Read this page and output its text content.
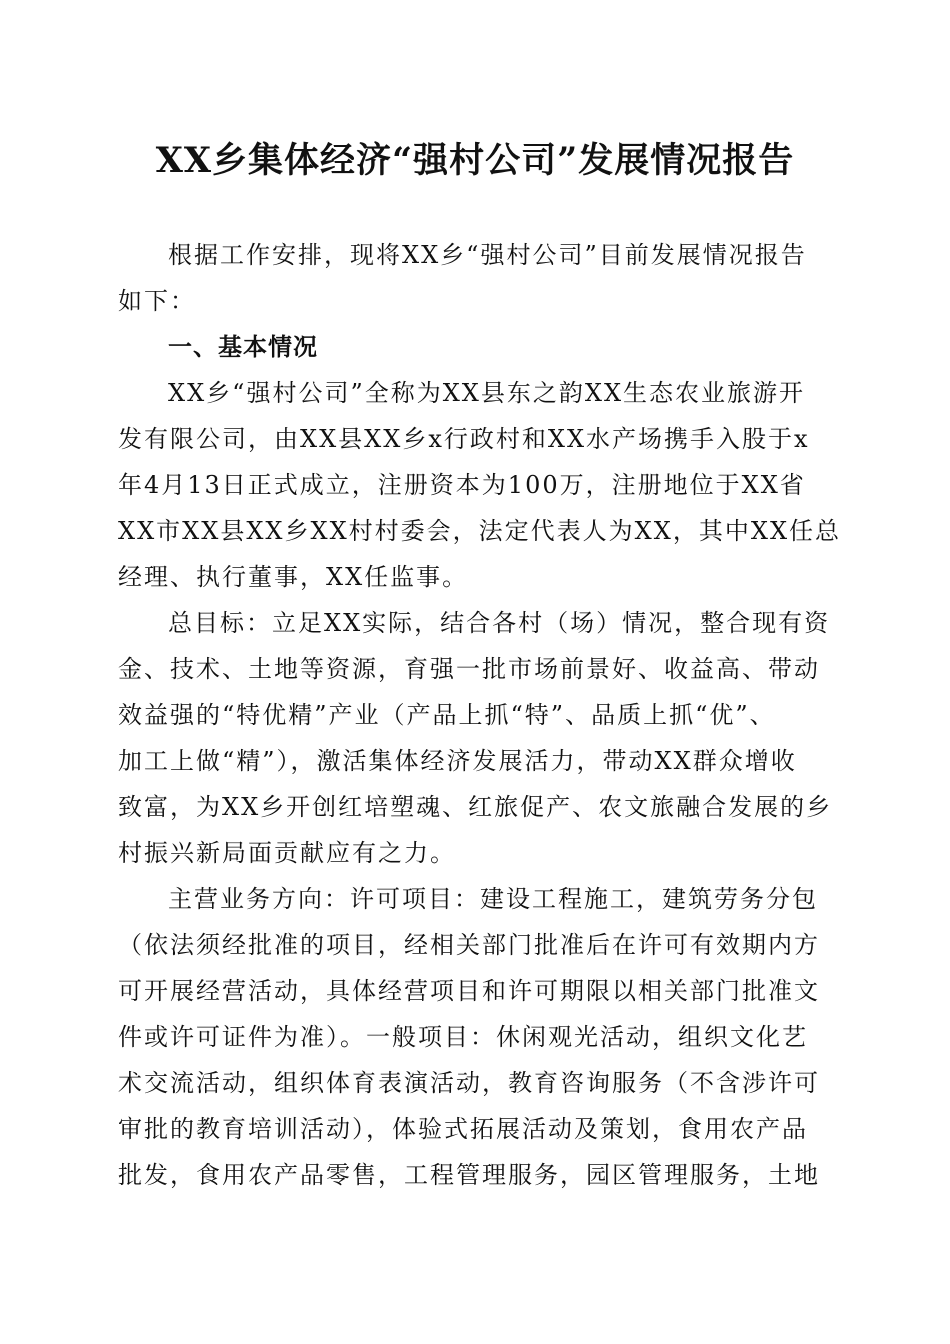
XX乡集体经济“强村公司”发展情况报告
根据工作安排，现将XX乡“强村公司”目前发展情况报告
如下：
一、基本情况
XX乡“强村公司”全称为XX县东之韵XX生态农业旅游开
发有限公司，由XX县XX乡x行政村和XX水产场携手入股于x
年4月13日正式成立，注册资本为100万，注册地位于XX省
XX市XX县XX乡XX村村委会，法定代表人为XX，其中XX任总
经理、执行董事，XX任监事。
总目标：立足XX实际，结合各村（场）情况，整合现有资
金、技术、土地等资源，育强一批市场前景好、收益高、带动
效益强的“特优精”产业（产品上抓“特”、品质上抓“优”、
加工上做“精”），激活集体经济发展活力，带动XX群众增收
致富，为XX乡开创红培塑魂、红旅促产、农文旅融合发展的乡
村振兴新局面贡献应有之力。
主营业务方向：许可项目：建设工程施工，建筑劳务分包
（依法须经批准的项目，经相关部门批准后在许可有效期内方
可开展经营活动，具体经营项目和许可期限以相关部门批准文
件或许可证件为准）。一般项目：休闲观光活动，组织文化艺
术交流活动，组织体育表演活动，教育咨询服务（不含涉许可
审批的教育培训活动），体验式拓展活动及策划，食用农产品
批发，食用农产品零售，工程管理服务，园区管理服务，土地
